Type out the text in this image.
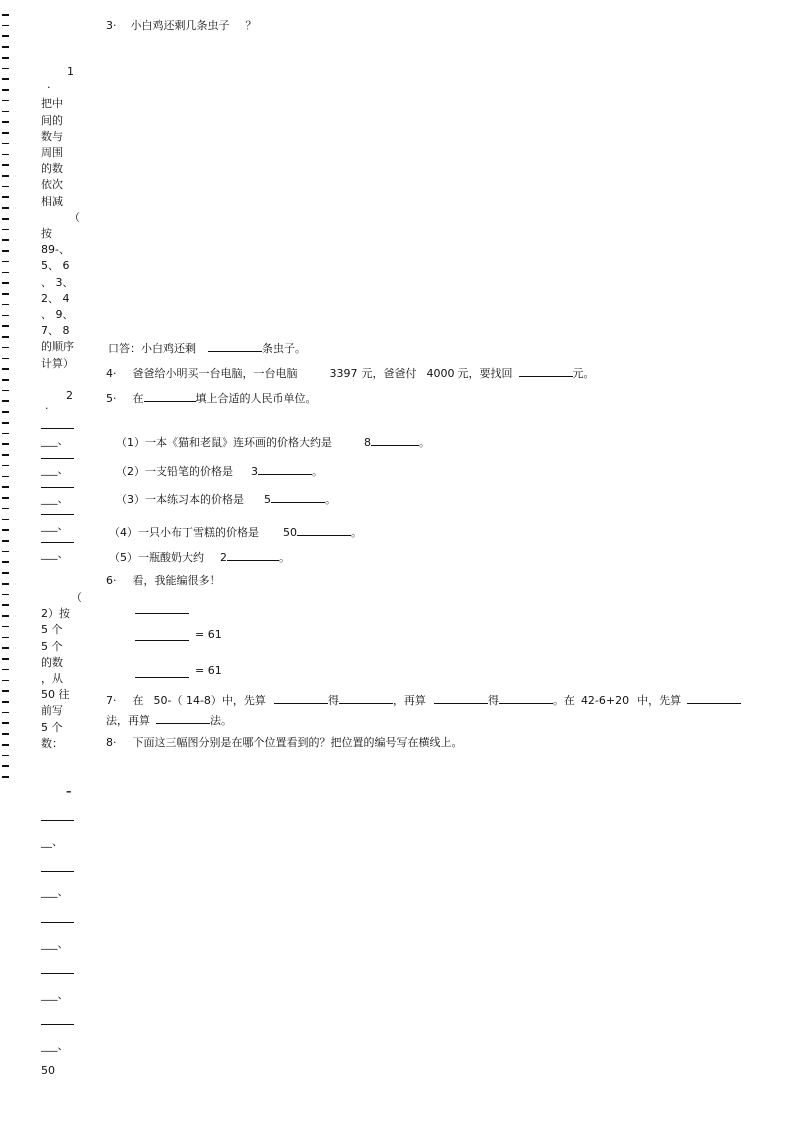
1
·
把中
间的
数与
周围
的数
依次
相减
（
按
89-、
5、 6
、 3、
2、 4
、 9、
7、 8
的顺序
计算）
2
·
___、
___、
___、
___、
___、
（
2）按
5 个
5 个
的数
，从
50 往
前写
5 个
数：
–
__、
___、
___、
___、
___、
50
3· 小白鸡还剩几条虫子 ？
口答：小白鸡还剩	条虫子。
4· 爸爸给小明买一台电脑，一台电脑	3397 元，爸爸付 4000 元，要找回	元。
5· 在	填上合适的人民币单位。
（1）一本《猫和老鼠》连环画的价格大约是	8	。
（2）一支铅笔的价格是 3	。
（3）一本练习本的价格是 5	。
（4）一只小布丁雪糕的价格是 50	。
（5）一瓶酸奶大约 2	。
6· 看，我能编很多！
= 61
= 61
7· 在 50-（ 14-8）中，先算	得	，再算	得	。在 42-6+20 中，先算
法，再算	法。
8· 下面这三幅图分别是在哪个位置看到的？把位置的编号写在横线上。
